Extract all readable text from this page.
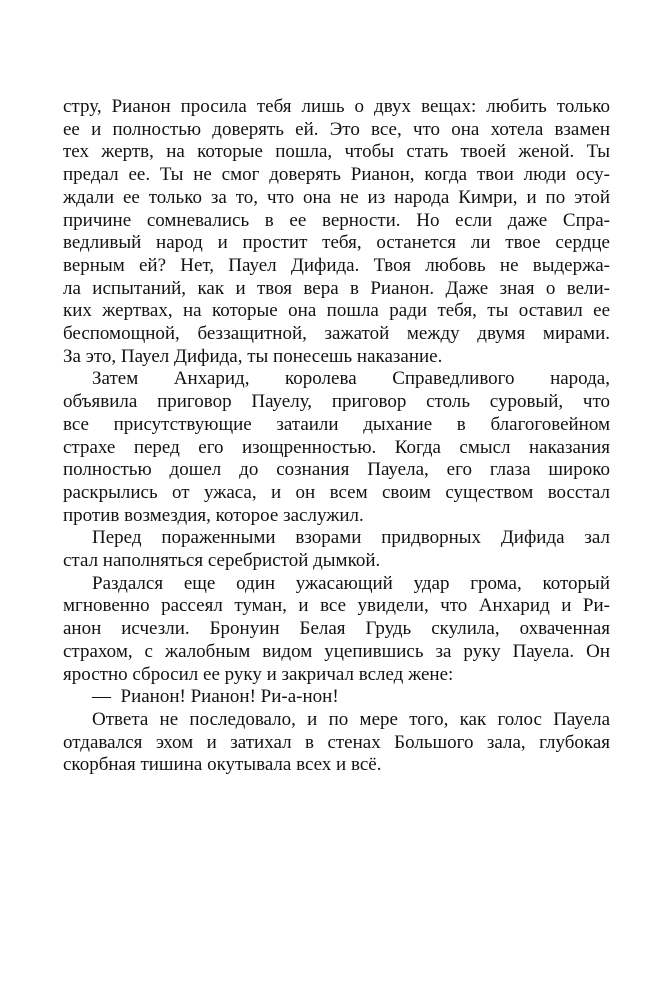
стру, Рианон просила тебя лишь о двух вещах: любить только
ее и полностью доверять ей. Это все, что она хотела взамен
тех жертв, на которые пошла, чтобы стать твоей женой. Ты
предал ее. Ты не смог доверять Рианон, когда твои люди осу-
ждали ее только за то, что она не из народа Кимри, и по этой
причине сомневались в ее верности. Но если даже Спра-
ведливый народ и простит тебя, останется ли твое сердце
верным ей? Нет, Пауел Дифида. Твоя любовь не выдержа-
ла испытаний, как и твоя вера в Рианон. Даже зная о вели-
ких жертвах, на которые она пошла ради тебя, ты оставил ее
беспомощной, беззащитной, зажатой между двумя мирами.
За это, Пауел Дифида, ты понесешь наказание.
Затем Анхарид, королева Справедливого народа,
объявила приговор Пауелу, приговор столь суровый, что
все присутствующие затаили дыхание в благоговейном
страхе перед его изощренностью. Когда смысл наказания
полностью дошел до сознания Пауела, его глаза широко
раскрылись от ужаса, и он всем своим существом восстал
против возмездия, которое заслужил.
Перед пораженными взорами придворных Дифида зал
стал наполняться серебристой дымкой.
Раздался еще один ужасающий удар грома, который
мгновенно рассеял туман, и все увидели, что Анхарид и Ри-
анон исчезли. Бронуин Белая Грудь скулила, охваченная
страхом, с жалобным видом уцепившись за руку Пауела. Он
яростно сбросил ее руку и закричал вслед жене:
— Рианон! Рианон! Ри-а-нон!
Ответа не последовало, и по мере того, как голос Пауела
отдавался эхом и затихал в стенах Большого зала, глубокая
скорбная тишина окутывала всех и всё.
